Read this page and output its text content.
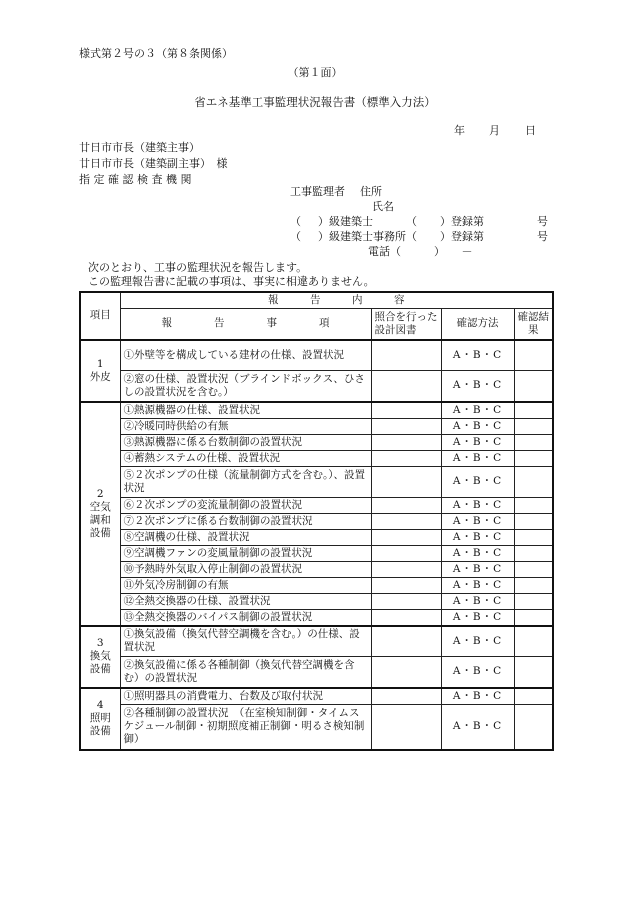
様式第２号の３（第８条関係）
（第１面）
省エネ基準工事監理状況報告書（標準入力法）
年 月 日
廿日市市長（建築主事）
廿日市市長（建築副主事）　様
指 定 確 認 検 査 機 関
工事監理者 住所
氏名
（ ）級建築士	（ ）登録第	号
（ ）級建築士事務所（ ）登録第	号
電話（　　　）　　－
次のとおり、工事の監理状況を報告します。
この監理報告書に記載の事項は、事実に相違ありません。
項目	報　　　告　　　内　　　容			
	報　　　　告　　　　事　　　　項	照合を行った設計図書	確認方法	確認結果

1
外皮	①外壁等を構成している建材の仕様、設置状況		A・B・C	
	②窓の仕様、設置状況（ブラインドボックス、ひさしの設置状況を含む。）		A・B・C	

2
空気調和設備	①熱源機器の仕様、設置状況		A・B・C	
	②冷暖同時供給の有無		A・B・C	
	③熱源機器に係る台数制御の設置状況		A・B・C	
	④蓄熱システムの仕様、設置状況		A・B・C	
	⑤２次ポンプの仕様（流量制御方式を含む。）、設置状況		A・B・C	
	⑥２次ポンプの変流量制御の設置状況		A・B・C	
	⑦２次ポンプに係る台数制御の設置状況		A・B・C	
	⑧空調機の仕様、設置状況		A・B・C	
	⑨空調機ファンの変風量制御の設置状況		A・B・C	
	⑩予熱時外気取入停止制御の設置状況		A・B・C	
	⑪外気冷房制御の有無		A・B・C	
	⑫全熱交換器の仕様、設置状況		A・B・C	
	⑬全熱交換器のバイパス制御の設置状況		A・B・C	

3
換気設備	①換気設備（換気代替空調機を含む。）の仕様、設置状況		A・B・C	
	②換気設備に係る各種制御（換気代替空調機を含む）の設置状況		A・B・C	

4
照明設備	①照明器具の消費電力、台数及び取付状況		A・B・C	
	②各種制御の設置状況　（在室検知制御・タイムスケジュール制御・初期照度補正制御・明るさ検知制御）		A・B・C	
